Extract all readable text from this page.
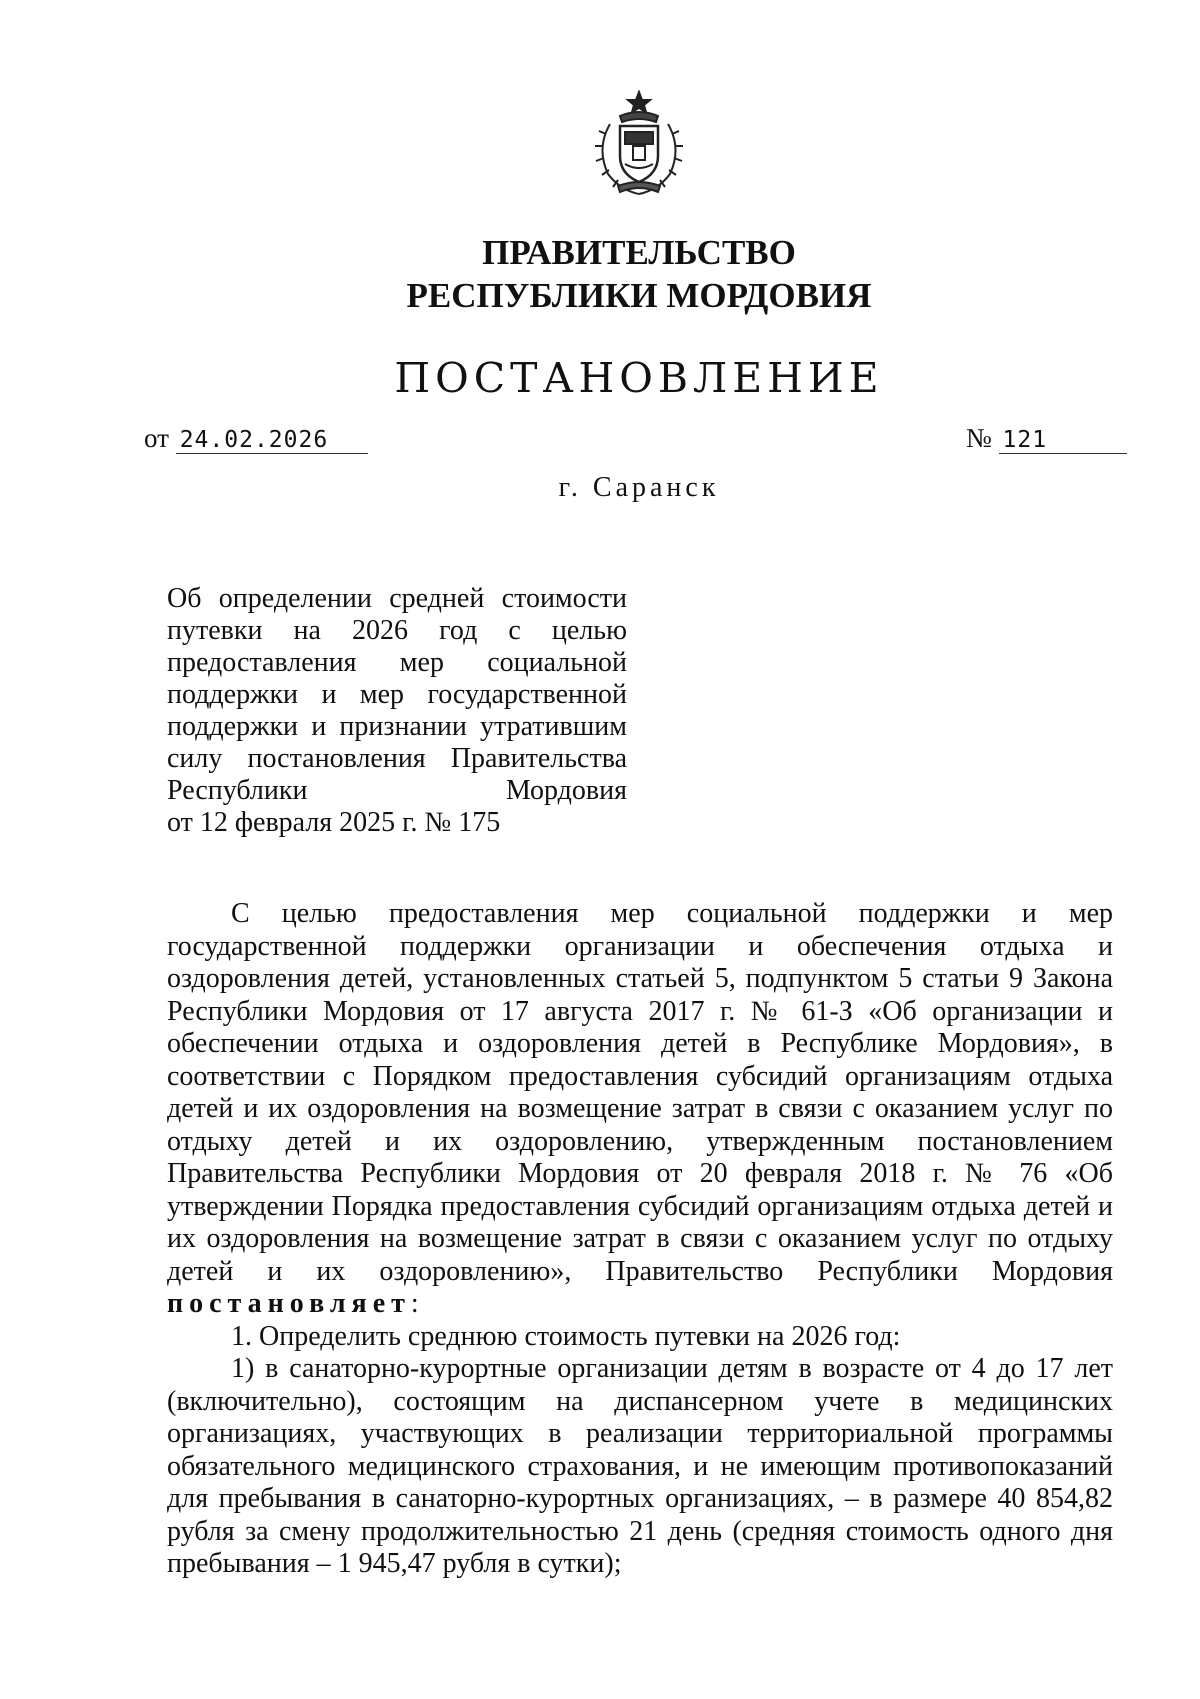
ПРАВИТЕЛЬСТВО
РЕСПУБЛИКИ МОРДОВИЯ
ПОСТАНОВЛЕНИЕ
от 24.02.2026	№ 121
г. Саранск
Об определении средней стоимости
путевки на 2026 год с целью
предоставления мер социальной
поддержки и мер государственной
поддержки и признании утратившим
силу постановления Правительства
Республики Мордовия
от 12 февраля 2025 г. № 175

С целью предоставления мер социальной поддержки и мер государственной поддержки организации и обеспечения отдыха и оздоровления детей, установленных статьей 5, подпунктом 5 статьи 9 Закона Республики Мордовия от 17 августа 2017 г. № 61-З «Об организации и обеспечении отдыха и оздоровления детей в Республике Мордовия», в соответствии с Порядком предоставления субсидий организациям отдыха детей и их оздоровления на возмещение затрат в связи с оказанием услуг по отдыху детей и их оздоровлению, утвержденным постановлением Правительства Республики Мордовия от 20 февраля 2018 г. № 76 «Об утверждении Порядка предоставления субсидий организациям отдыха детей и их оздоровления на возмещение затрат в связи с оказанием услуг по отдыху детей и их оздоровлению», Правительство Республики Мордовия постановляет:

1. Определить среднюю стоимость путевки на 2026 год:

1) в санаторно-курортные организации детям в возрасте от 4 до 17 лет (включительно), состоящим на диспансерном учете в медицинских организациях, участвующих в реализации территориальной программы обязательного медицинского страхования, и не имеющим противопоказаний для пребывания в санаторно-курортных организациях, – в размере 40 854,82 рубля за смену продолжительностью 21 день (средняя стоимость одного дня пребывания – 1 945,47 рубля в сутки);
